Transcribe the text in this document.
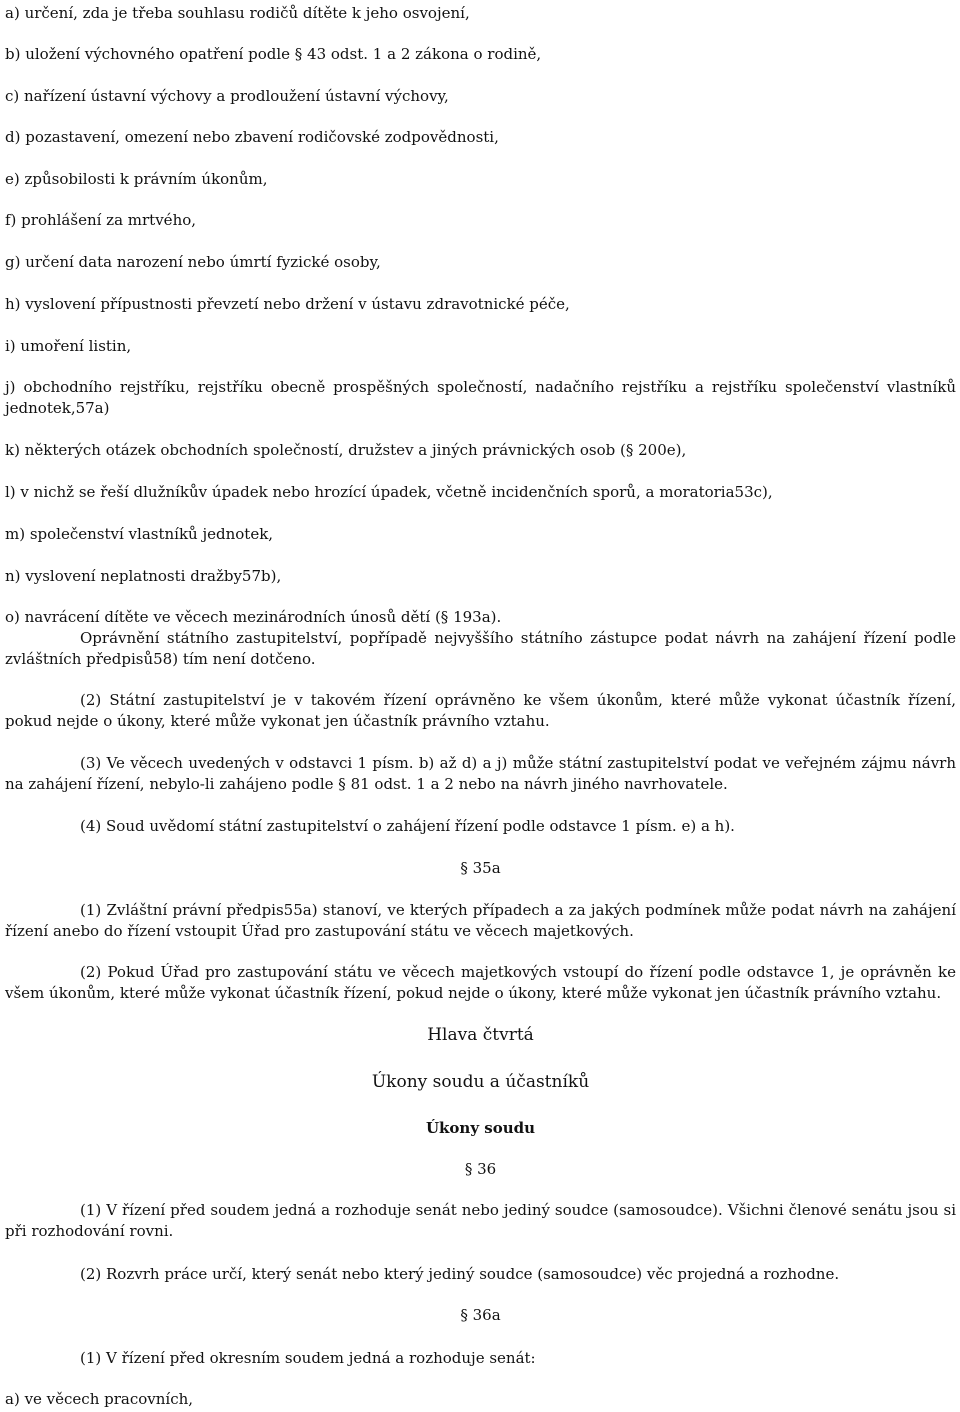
a) určení, zda je třeba souhlasu rodičů dítěte k jeho osvojení,
b) uložení výchovného opatření podle § 43 odst. 1 a 2 zákona o rodině,
c) nařízení ústavní výchovy a prodloužení ústavní výchovy,
d) pozastavení, omezení nebo zbavení rodičovské zodpovědnosti,
e) způsobilosti k právním úkonům,
f) prohlášení za mrtvého,
g) určení data narození nebo úmrtí fyzické osoby,
h) vyslovení přípustnosti převzetí nebo držení v ústavu zdravotnické péče,
i) umoření listin,
j) obchodního rejstříku, rejstříku obecně prospěšných společností, nadačního rejstříku a rejstříku společenství vlastníků jednotek,57a)
k) některých otázek obchodních společností, družstev a jiných právnických osob (§ 200e),
l) v nichž se řeší dlužníkův úpadek nebo hrozící úpadek, včetně incidenčních sporů, a moratoria53c),
m) společenství vlastníků jednotek,
n) vyslovení neplatnosti dražby57b),
o) navrácení dítěte ve věcech mezinárodních únosů dětí (§ 193a).
Oprávnění státního zastupitelství, popřípadě nejvyššího státního zástupce podat návrh na zahájení řízení podle zvláštních předpisů58) tím není dotčeno.
(2) Státní zastupitelství je v takovém řízení oprávněno ke všem úkonům, které může vykonat účastník řízení, pokud nejde o úkony, které může vykonat jen účastník právního vztahu.
(3) Ve věcech uvedených v odstavci 1 písm. b) až d) a j) může státní zastupitelství podat ve veřejném zájmu návrh na zahájení řízení, nebylo-li zahájeno podle § 81 odst. 1 a 2 nebo na návrh jiného navrhovatele.
(4) Soud uvědomí státní zastupitelství o zahájení řízení podle odstavce 1 písm. e) a h).
§ 35a
(1) Zvláštní právní předpis55a) stanoví, ve kterých případech a za jakých podmínek může podat návrh na zahájení řízení anebo do řízení vstoupit Úřad pro zastupování státu ve věcech majetkových.
(2) Pokud Úřad pro zastupování státu ve věcech majetkových vstoupí do řízení podle odstavce 1, je oprávněn ke všem úkonům, které může vykonat účastník řízení, pokud nejde o úkony, které může vykonat jen účastník právního vztahu.
Hlava čtvrtá
Úkony soudu a účastníků
Úkony soudu
§ 36
(1) V řízení před soudem jedná a rozhoduje senát nebo jediný soudce (samosoudce). Všichni členové senátu jsou si při rozhodování rovni.
(2) Rozvrh práce určí, který senát nebo který jediný soudce (samosoudce) věc projedná a rozhodne.
§ 36a
(1) V řízení před okresním soudem jedná a rozhoduje senát:
a) ve věcech pracovních,
